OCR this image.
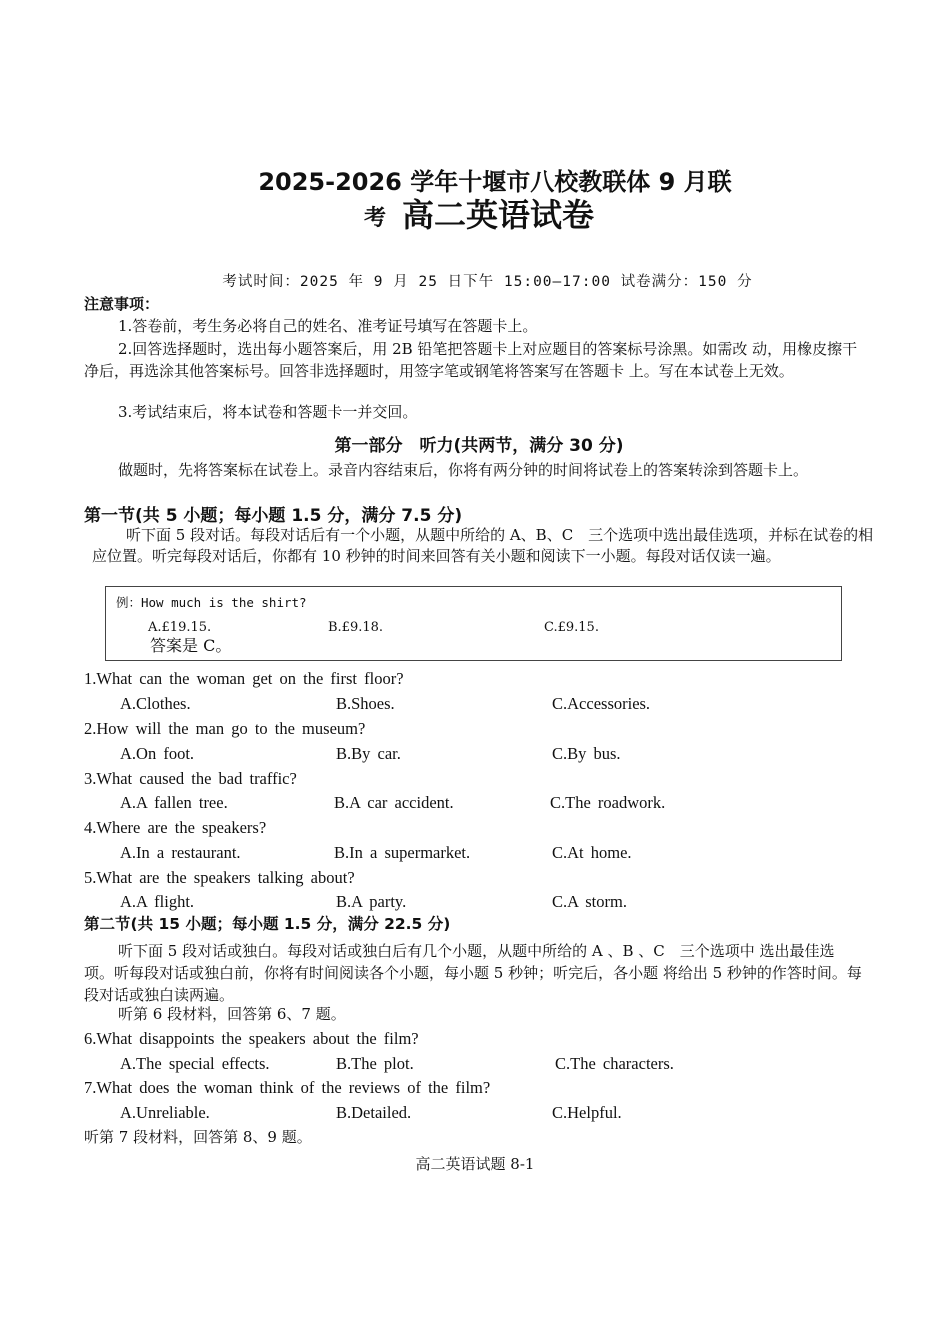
2025-2026 学年十堰市八校教联体 9 月联
考 高二英语试卷
考试时间：2025 年 9 月 25 日下午 15:00—17:00 试卷满分：150 分
注意事项：
1.答卷前，考生务必将自己的姓名、准考证号填写在答题卡上。
2.回答选择题时，选出每小题答案后，用 2B 铅笔把答题卡上对应题目的答案标号涂黑。如需改 动，用橡皮擦干净后，再选涂其他答案标号。回答非选择题时，用签字笔或钢笔将答案写在答题卡 上。写在本试卷上无效。
3.考试结束后，将本试卷和答题卡一并交回。
第一部分　听力(共两节，满分 30 分)
做题时，先将答案标在试卷上。录音内容结束后，你将有两分钟的时间将试卷上的答案转涂到答题卡上。
第一节(共 5 小题；每小题 1.5 分，满分 7.5 分)
听下面 5 段对话。每段对话后有一个小题，从题中所给的 A、B、C　三个选项中选出最佳选项，并标在试卷的相应位置。听完每段对话后，你都有 10 秒钟的时间来回答有关小题和阅读下一小题。每段对话仅读一遍。
例：How much is the shirt?
A.£19.15.	B.£9.18.	C.£9.15.
答案是 C。
1.What can the woman get on the first floor?
A.Clothes.	B.Shoes.	C.Accessories.
2.How will the man go to the museum?
A.On foot.	B.By car.	C.By bus.
3.What caused the bad traffic?
A.A fallen tree.	B.A car accident.	C.The roadwork.
4.Where are the speakers?
A.In a restaurant.	B.In a supermarket.	C.At home.
5.What are the speakers talking about?
A.A flight.	B.A party.	C.A storm.
第二节(共 15 小题；每小题 1.5 分，满分 22.5 分)
听下面 5 段对话或独白。每段对话或独白后有几个小题，从题中所给的 A 、B 、C　三个选项中 选出最佳选项。听每段对话或独白前，你将有时间阅读各个小题，每小题 5 秒钟；听完后，各小题 将给出 5 秒钟的作答时间。每段对话或独白读两遍。
听第 6 段材料，回答第 6、7 题。
6.What disappoints the speakers about the film?
A.The special effects.	B.The plot.	C.The characters.
7.What does the woman think of the reviews of the film?
A.Unreliable.	B.Detailed.	C.Helpful.
听第 7 段材料，回答第 8、9 题。
高二英语试题 8-1
